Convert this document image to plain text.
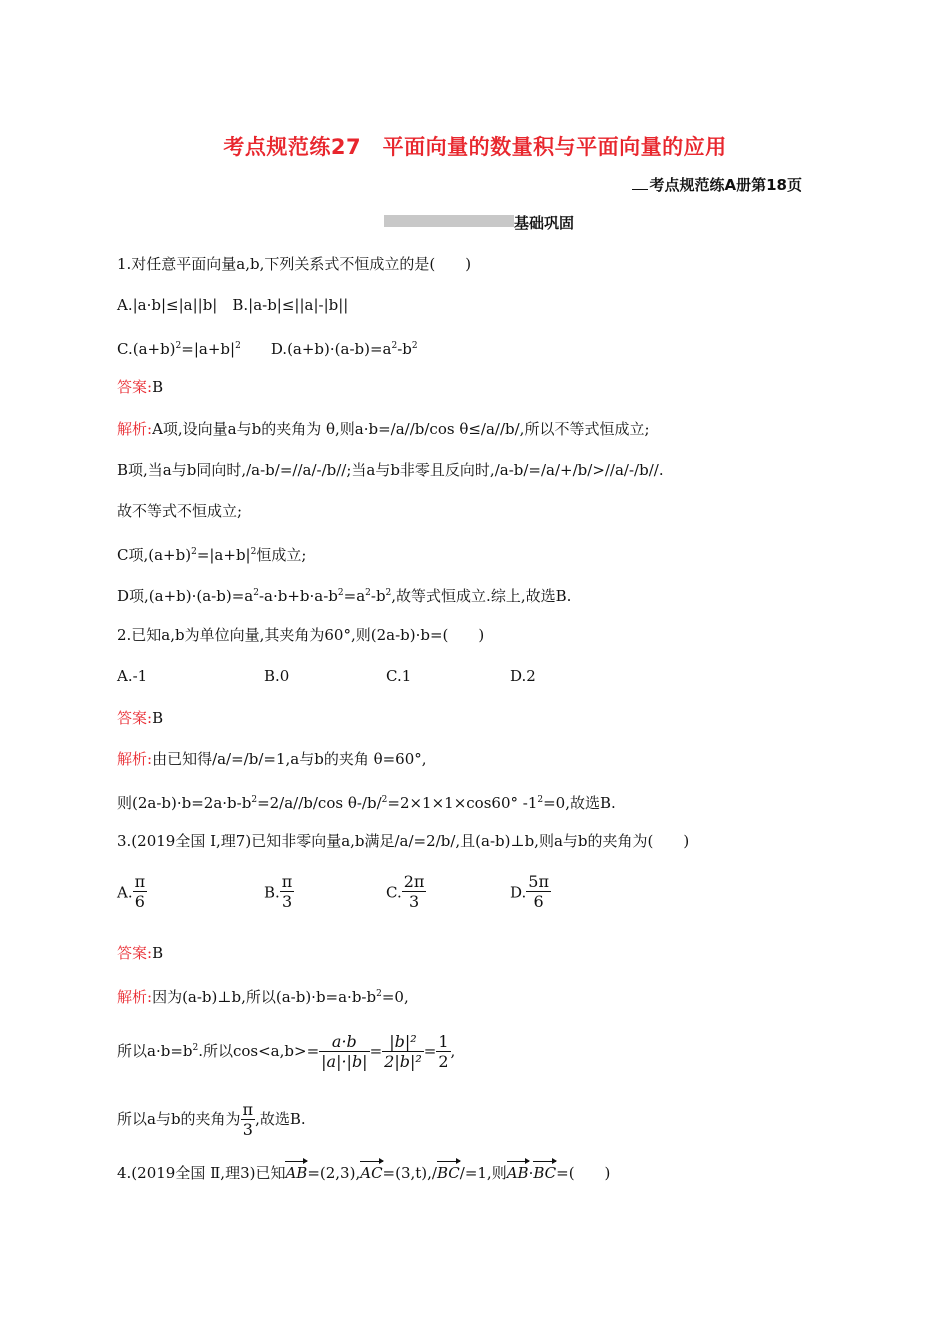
考点规范练27　平面向量的数量积与平面向量的应用
考点规范练A册第18页
基础巩固
1.对任意平面向量a,b,下列关系式不恒成立的是(　　)
A.|a·b|≤|a||b|　B.|a-b|≤||a|-|b||
$C.(a+b)^2=|a+b|^2$　  $D.(a+b)\cdot(a-b)=a^2-b^2$
答案:B
解析:A项,设向量a与b的夹角为 θ,则a·b=/a//b/cos θ≤/a//b/,所以不等式恒成立;
B项,当a与b同向时,/a-b/=//a/-/b//;当a与b非零且反向时,/a-b/=/a/+/b/>//a/-/b//.
故不等式不恒成立;
C项$,(a+b)^2=|a+b|^2$恒成立;
D项$,(a+b)\cdot(a-b)=a^2-a\cdot b+b\cdot a-b^2=a^2-b^2$,故等式恒成立.综上,故选B.
2.已知a,b为单位向量,其夹角为60°,则(2a-b)·b=(　　)
A.-1	B.0	C.1	D.2
答案:B
解析:由已知得/a/=/b/=1,a与b的夹角 θ=60°,
则$(2a-b)\cdot b=2a\cdot b-b^2=2/a//b/\cos$ θ-/b/$^2$=2×1×1×cos60° $-1^2=0$,故选B.
3.(2019全国 Ⅰ,理7)已知非零向量a,b满足/a/=2/b/,且(a-b)⊥b,则a与b的夹角为(　　)
A. $\frac{\pi}{6}$	B. $\frac{\pi}{3}$	C. $\frac{2\pi}{3}$	D. $\frac{5\pi}{6}$
答案:B
解析:因为(a-b)⊥b,所以$(a-b)\cdot b=a\cdot b-b^2=0$,
所以$a\cdot b=b^2$.所以$\cos<a,b>= \frac{a\cdot b}{|a|\cdot|b|} = \frac{\text{|b|²}}{\text{2|b|²}} = \frac{1}{2}$ ,
所以a与b的夹角为 $\frac{\pi}{3}$ ,故选B.
4.(2019全国 Ⅱ,理3)已知AB=(2,3),AC=(3,t),/BC/=1,则AB·BC=(　　)
